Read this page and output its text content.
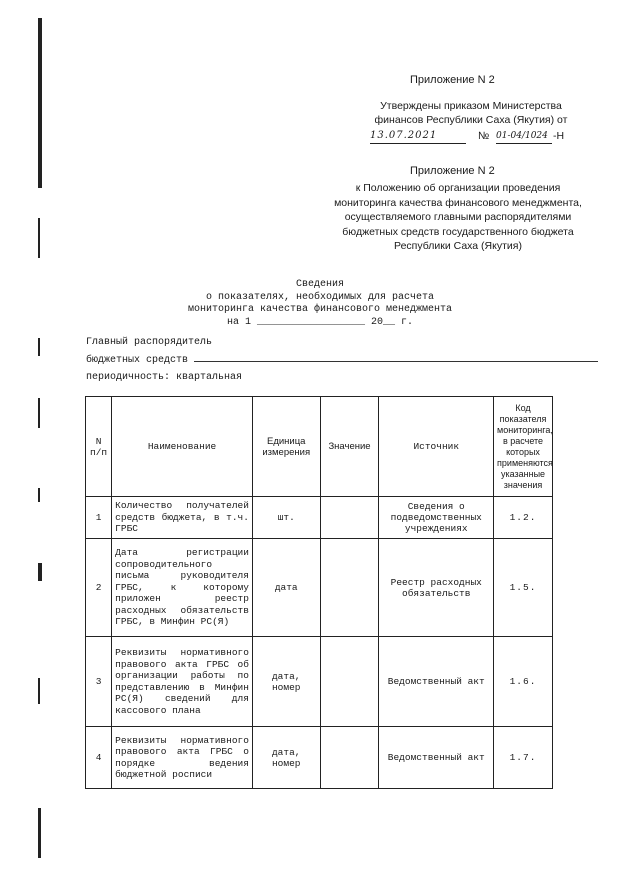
Приложение N 2
Утверждены приказом Министерства финансов Республики Саха (Якутия) от
13.07.2021	№ 01-04/1024 -Н
Приложение N 2
к Положению об организации проведения мониторинга качества финансового менеджмента, осуществляемого главными распорядителями бюджетных средств государственного бюджета Республики Саха (Якутия)
Сведения
о показателях, необходимых для расчета
мониторинга качества финансового менеджмента
на 1 __________________ 20__ г.
Главный распорядитель
бюджетных средств
периодичность: квартальная
N п/п	Наименование	Единица измерения	Значение	Источник	Код показателя мониторинга, в расчете которых применяются указанные значения
1	Количество получателей средств бюджета, в т.ч. ГРБС	шт.		Сведения о подведомственных учреждениях	1.2.
2	Дата регистрации сопроводительного письма руководителя ГРБС, к которому приложен реестр расходных обязательств ГРБС, в Минфин РС(Я)	дата		Реестр расходных обязательств	1.5.
3	Реквизиты нормативного правового акта ГРБС об организации работы по представлению в Минфин РС(Я) сведений для кассового плана	дата, номер		Ведомственный акт	1.6.
4	Реквизиты нормативного правового акта ГРБС о порядке ведения бюджетной росписи	дата, номер		Ведомственный акт	1.7.
